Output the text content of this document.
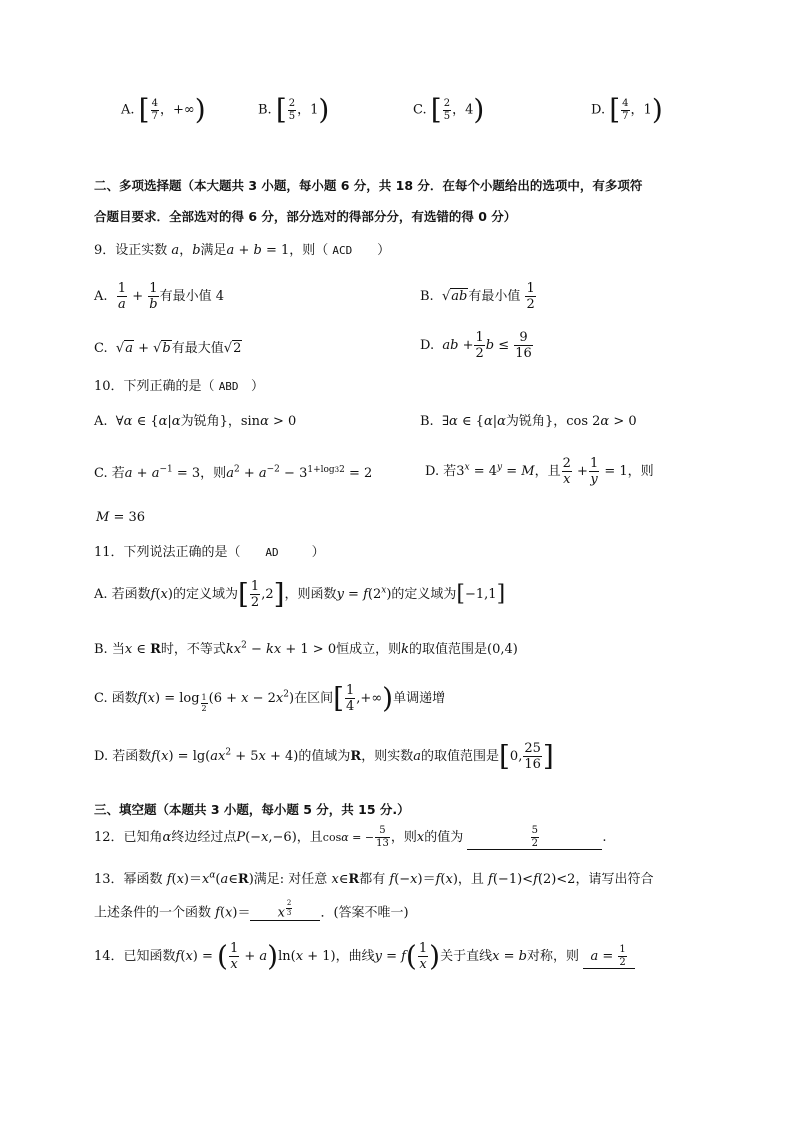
A. [ $\frac{4}{7}$ ，+∞)	B. [ $\frac{2}{5}$ ，1)	C. [ $\frac{2}{5}$ ，4)	D. [ $\frac{4}{7}$ ，1)
二、多项选择题（本大题共 3 小题，每小题 6 分，共 18 分．在每个小题给出的选项中，有多项符
合题目要求．全部选对的得 6 分，部分选对的得部分分，有选错的得 0 分）
9．设正实数 a，b满足a + b = 1，则（ ACD ）
A. $\frac{1}{a} + \frac{1}{b}$ 有最小值 4	B. √ab有最小值 $\frac{1}{2}$
C. √a + √b有最大值√2	D. ab + $\frac{1}{2}$ $b \le \frac{9}{16}$
10．下列正确的是（ ABD ）
A.  ∀α ∈ {α|α为锐角}，sinα > 0	B.  ∃α ∈ {α|α为锐角}，cos 2α > 0
C. 若$a + a^{-1} = 3$，则$a^2 + a^{-2} - 3^{1+log32} = 2$	D. 若$3^x = 4^y = M$，且 $\frac{2}{x} + \frac{1}{y} = 1$，则
M = 36
11．下列说法正确的是（ AD	）
A. 若函数f(x)的定义域为[ $\frac{1}{2} ,2$]，则函数$y = f(2^x)$的定义域为[−1,1]
B. 当x ∈ R时，不等式$kx^2$ − kx + 1 > 0恒成立，则k的取值范围是(0,4)
C. 函数f(x) = log $_{\frac{1}{2}}$ $(6 + x - 2x^2)$在区间[ $\frac{1}{4}$ ,+∞)单调递增
D. 若函数$f(x) = \lg(ax^2 + 5x + 4)$的值域为R，则实数a的取值范围是[0, $\frac{25}{16}$ ]
三、填空题（本题共 3 小题，每小题 5 分，共 15 分.）
12．已知角α终边经过点P(−x,−6)，且cosα = − $\frac{5}{13}$ ，则x的值为	$\frac{5}{2}$	.
13．幂函数 $f(x)=x^\alpha(a\in R)$满足: 对任意 x∈R都有 f(−x)＝f(x)，且 f(−1)<f(2)<2，请写出符合
上述条件的一个函数 f(x)＝ x $^{\frac{2}{3}}$ ．(答案不唯一)
14．已知函数f(x) = ( $\frac{1}{x} + a)\ln(x + 1)$，曲线$y = f( \frac{1}{x}$ )关于直线x = b对称，则 $a = \frac{1}{2}$
